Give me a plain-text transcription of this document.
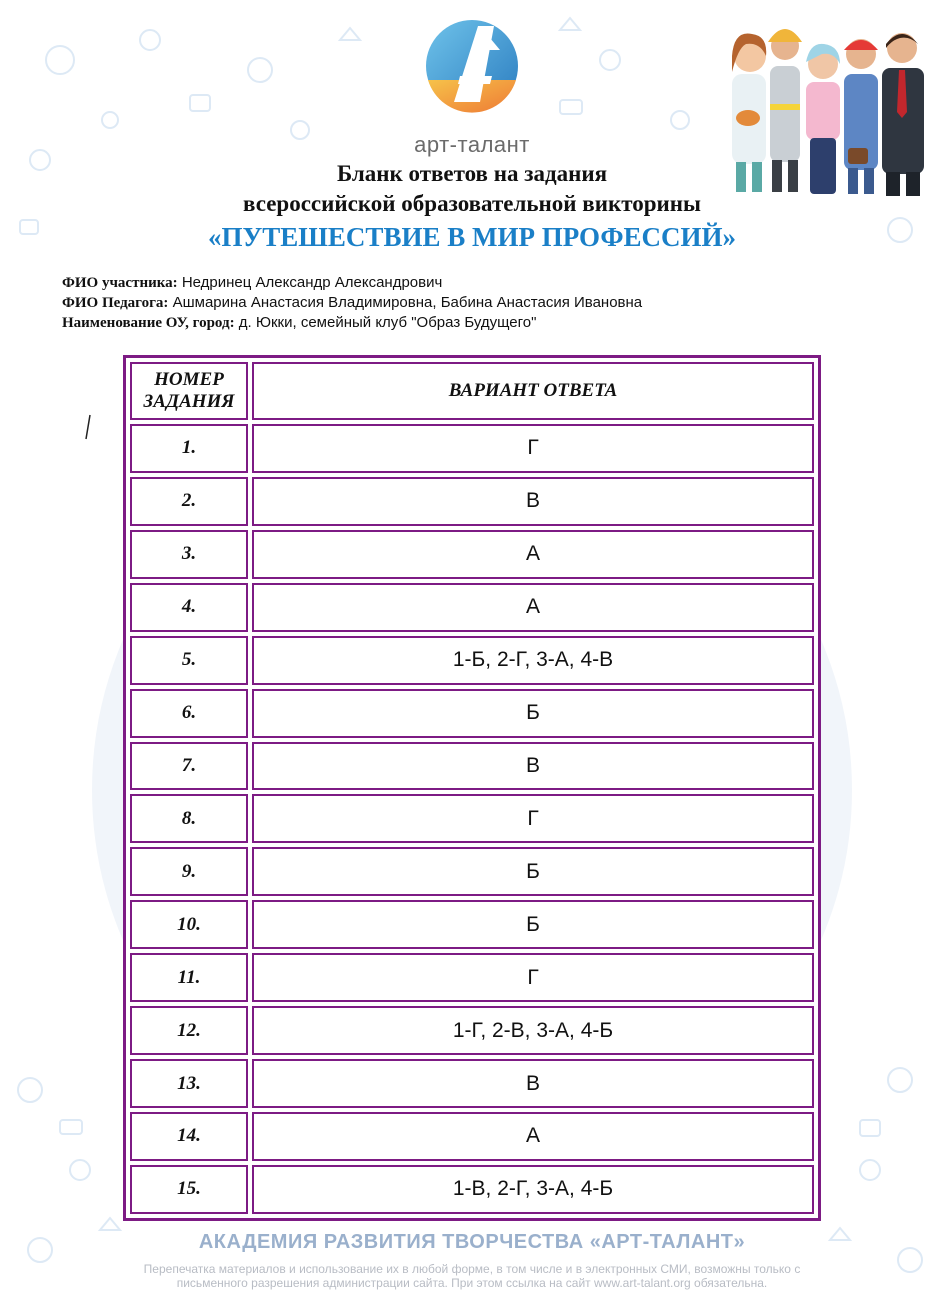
арт-талант
Бланк ответов на задания
всероссийской образовательной викторины
«ПУТЕШЕСТВИЕ В МИР ПРОФЕССИЙ»
ФИО участника: Недринец Александр Александрович
ФИО Педагога: Ашмарина Анастасия Владимировна, Бабина Анастасия Ивановна
Наименование ОУ, город: д. Юкки, семейный клуб "Образ Будущего"
НОМЕР
ЗАДАНИЯ	ВАРИАНТ ОТВЕТА
1.	Г
2.	В
3.	А
4.	А
5.	1-Б, 2-Г, 3-А, 4-В
6.	Б
7.	В
8.	Г
9.	Б
10.	Б
11.	Г
12.	1-Г, 2-В, 3-А, 4-Б
13.	В
14.	А
15.	1-В, 2-Г, 3-А, 4-Б
АКАДЕМИЯ РАЗВИТИЯ ТВОРЧЕСТВА «АРТ-ТАЛАНТ»
Перепечатка материалов и использование их в любой форме, в том числе и в электронных СМИ, возможны только с
письменного разрешения администрации сайта. При этом ссылка на сайт www.art-talant.org обязательна.
